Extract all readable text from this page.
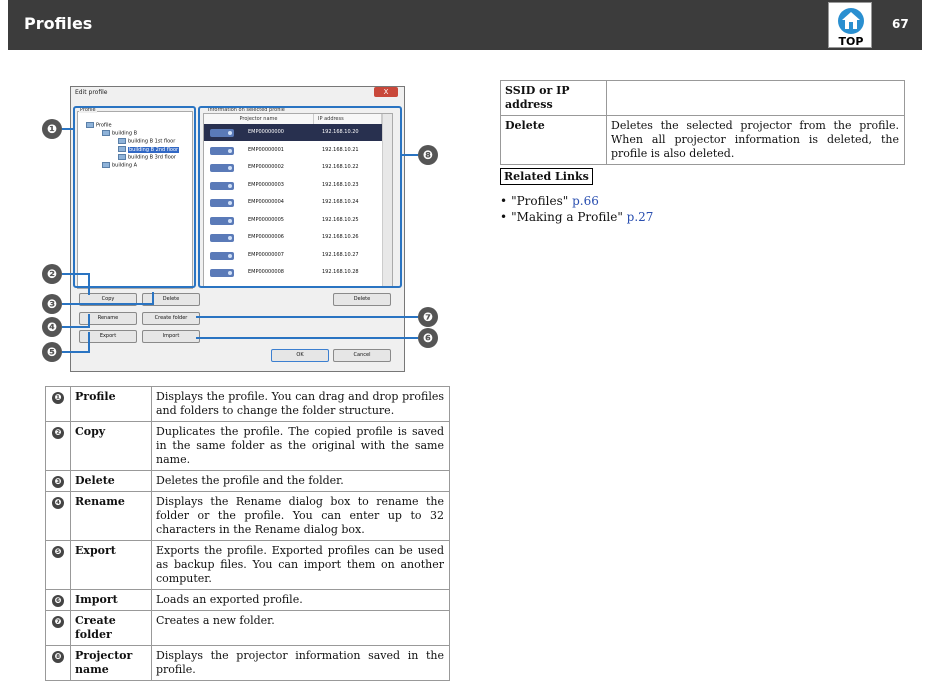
Profiles
TOP
67
Edit profile	X
Profile
building B
building B 1st floor
building B 2nd floor
building B 3rd floor
building A
Profile
Projector name	IP address
EMP00000000	192.168.10.20
EMP00000001	192.168.10.21
EMP00000002	192.168.10.22
EMP00000003	192.168.10.23
EMP00000004	192.168.10.24
EMP00000005	192.168.10.25
EMP00000006	192.168.10.26
EMP00000007	192.168.10.27
EMP00000008	192.168.10.28
Information on selected profile
Copy	Delete
Rename	Create folder
Export	Import
Delete
OK	Cancel
❶
❷
❸
❹
❺
❼
❻
❽
❶	Profile	Displays the profile. You can drag and drop profiles and folders to change the folder structure.
❷	Copy	Duplicates the profile. The copied profile is saved in the same folder as the original with the same name.
❸	Delete	Deletes the profile and the folder.
❹	Rename	Displays the Rename dialog box to rename the folder or the profile. You can enter up to 32 characters in the Rename dialog box.
❺	Export	Exports the profile. Exported profiles can be used as backup files. You can import them on another computer.
❻	Import	Loads an exported profile.
❼	Create folder	Creates a new folder.
❽	Projector name	Displays the projector information saved in the profile.
SSID or IP address	
Delete	Deletes the selected projector from the profile. When all projector information is deleted, the profile is also deleted.
Related Links
• "Profiles" p.66
• "Making a Profile" p.27
